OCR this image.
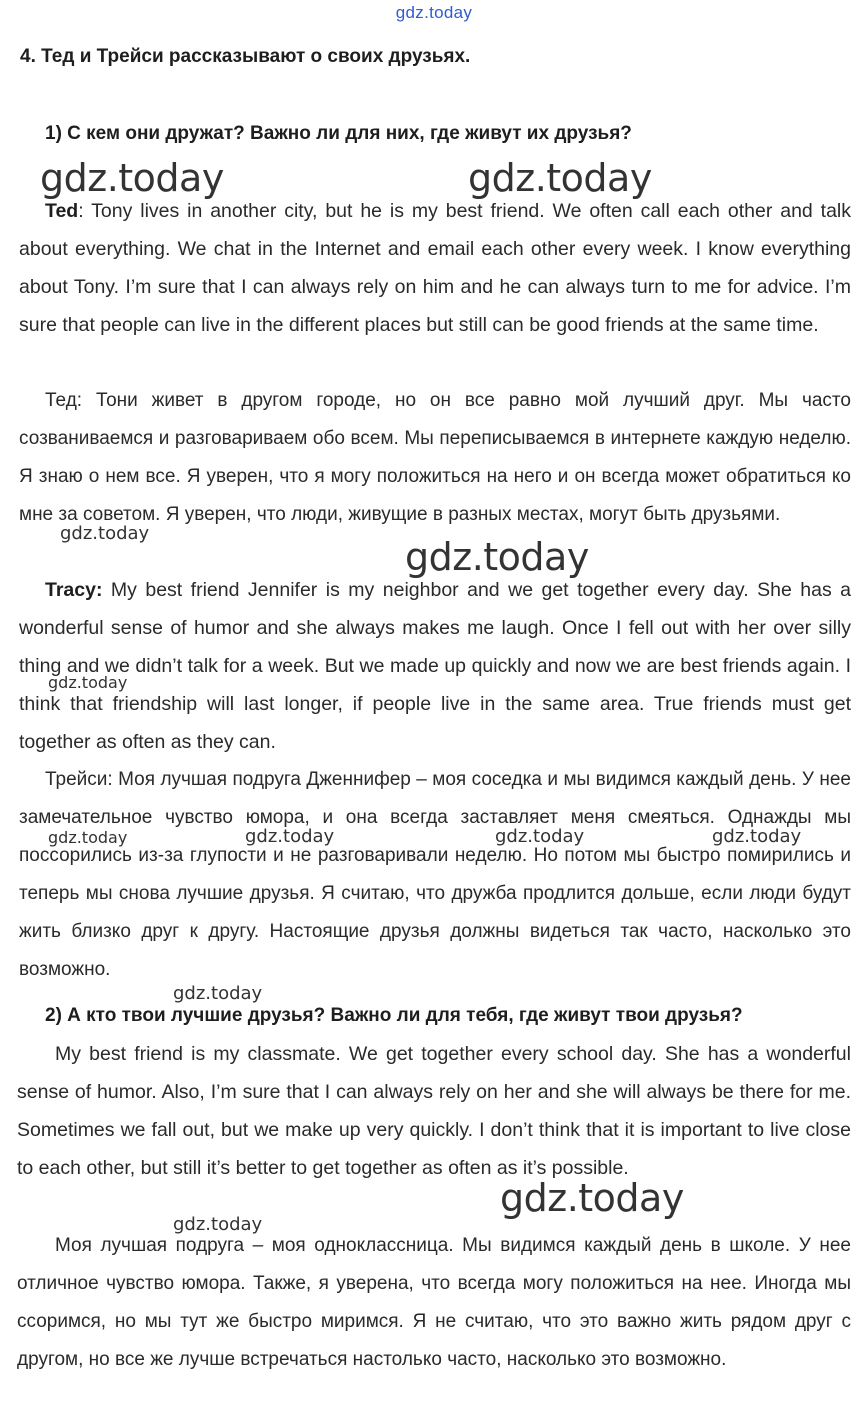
gdz.today
4. Тед и Трейси рассказывают о своих друзьях.
1) С кем они дружат? Важно ли для них, где живут их друзья?

Ted: Tony lives in another city, but he is my best friend. We often call each other and talk about everything. We chat in the Internet and email each other every week. I know everything about Tony. I’m sure that I can always rely on him and he can always turn to me for advice. I’m sure that people can live in the different places but still can be good friends at the same time.

Тед: Тони живет в другом городе, но он все равно мой лучший друг. Мы часто созваниваемся и разговариваем обо всем. Мы переписываемся в интернете каждую неделю. Я знаю о нем все. Я уверен, что я могу положиться на него и он всегда может обратиться ко мне за советом. Я уверен, что люди, живущие в разных местах, могут быть друзьями.

Tracy: My best friend Jennifer is my neighbor and we get together every day. She has a wonderful sense of humor and she always makes me laugh. Once I fell out with her over silly thing and we didn’t talk for a week. But we made up quickly and now we are best friends again. I think that friendship will last longer, if people live in the same area. True friends must get together as often as they can.

Трейси: Моя лучшая подруга Дженнифер – моя соседка и мы видимся каждый день. У нее замечательное чувство юмора, и она всегда заставляет меня смеяться. Однажды мы поссорились из-за глупости и не разговаривали неделю. Но потом мы быстро помирились и теперь мы снова лучшие друзья. Я считаю, что дружба продлится дольше, если люди будут жить близко друг к другу. Настоящие друзья должны видеться так часто, насколько это возможно.

2) А кто твои лучшие друзья? Важно ли для тебя, где живут твои друзья?

My best friend is my classmate. We get together every school day. She has a wonderful sense of humor. Also, I’m sure that I can always rely on her and she will always be there for me. Sometimes we fall out, but we make up very quickly. I don’t think that it is important to live close to each other, but still it’s better to get together as often as it’s possible.

Моя лучшая подруга – моя одноклассница. Мы видимся каждый день в школе. У нее отличное чувство юмора. Также, я уверена, что всегда могу положиться на нее. Иногда мы ссоримся, но мы тут же быстро миримся. Я не считаю, что это важно жить рядом друг с другом, но все же лучше встречаться настолько часто, насколько это возможно.

gdz.today	gdz.today
gdz.today
gdz.today
gdz.today
gdz.today	gdz.today	gdz.today	gdz.today
gdz.today
gdz.today
gdz.today
